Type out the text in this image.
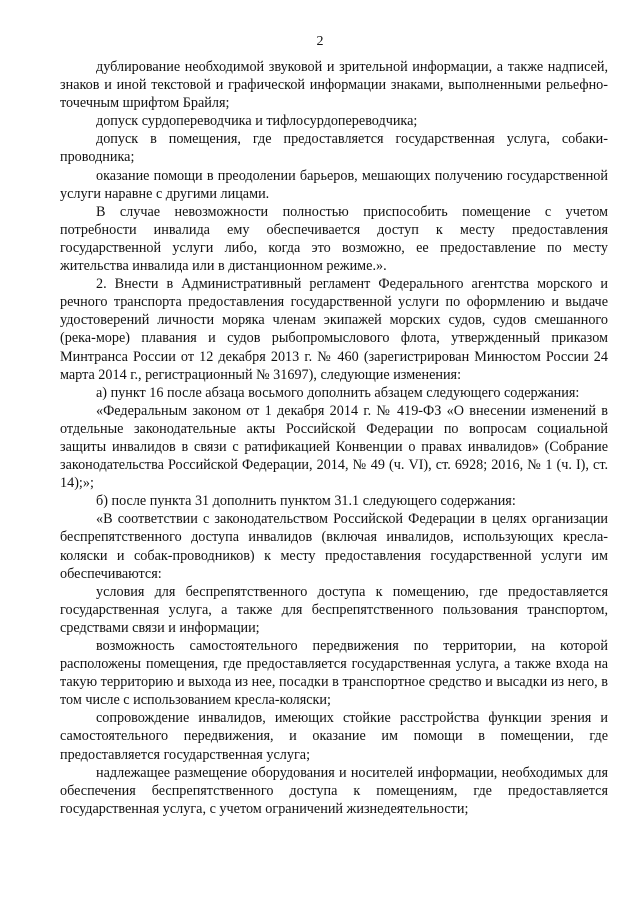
2

дублирование необходимой звуковой и зрительной информации, а также надписей, знаков и иной текстовой и графической информации знаками, выполненными рельефно-точечным шрифтом Брайля;

допуск сурдопереводчика и тифлосурдопереводчика;

допуск в помещения, где предоставляется государственная услуга, собаки-проводника;

оказание помощи в преодолении барьеров, мешающих получению государственной услуги наравне с другими лицами.

В случае невозможности полностью приспособить помещение с учетом потребности инвалида ему обеспечивается доступ к месту предоставления государственной услуги либо, когда это возможно, ее предоставление по месту жительства инвалида или в дистанционном режиме.».

2. Внести в Административный регламент Федерального агентства морского и речного транспорта предоставления государственной услуги по оформлению и выдаче удостоверений личности моряка членам экипажей морских судов, судов смешанного (река-море) плавания и судов рыбопромыслового флота, утвержденный приказом Минтранса России от 12 декабря 2013 г. № 460 (зарегистрирован Минюстом России 24 марта 2014 г., регистрационный № 31697), следующие изменения:

а) пункт 16 после абзаца восьмого дополнить абзацем следующего содержания:

«Федеральным законом от 1 декабря 2014 г. № 419-ФЗ «О внесении изменений в отдельные законодательные акты Российской Федерации по вопросам социальной защиты инвалидов в связи с ратификацией Конвенции о правах инвалидов» (Собрание законодательства Российской Федерации, 2014, № 49 (ч. VI), ст. 6928; 2016, № 1 (ч. I), ст. 14);»;

б) после пункта 31 дополнить пунктом 31.1 следующего содержания:

«В соответствии с законодательством Российской Федерации в целях организации беспрепятственного доступа инвалидов (включая инвалидов, использующих кресла-коляски и собак-проводников) к месту предоставления государственной услуги им обеспечиваются:

условия для беспрепятственного доступа к помещению, где предоставляется государственная услуга, а также для беспрепятственного пользования транспортом, средствами связи и информации;

возможность самостоятельного передвижения по территории, на которой расположены помещения, где предоставляется государственная услуга, а также входа на такую территорию и выхода из нее, посадки в транспортное средство и высадки из него, в том числе с использованием кресла-коляски;

сопровождение инвалидов, имеющих стойкие расстройства функции зрения и самостоятельного передвижения, и оказание им помощи в помещении, где предоставляется государственная услуга;

надлежащее размещение оборудования и носителей информации, необходимых для обеспечения беспрепятственного доступа к помещениям, где предоставляется государственная услуга, с учетом ограничений жизнедеятельности;
